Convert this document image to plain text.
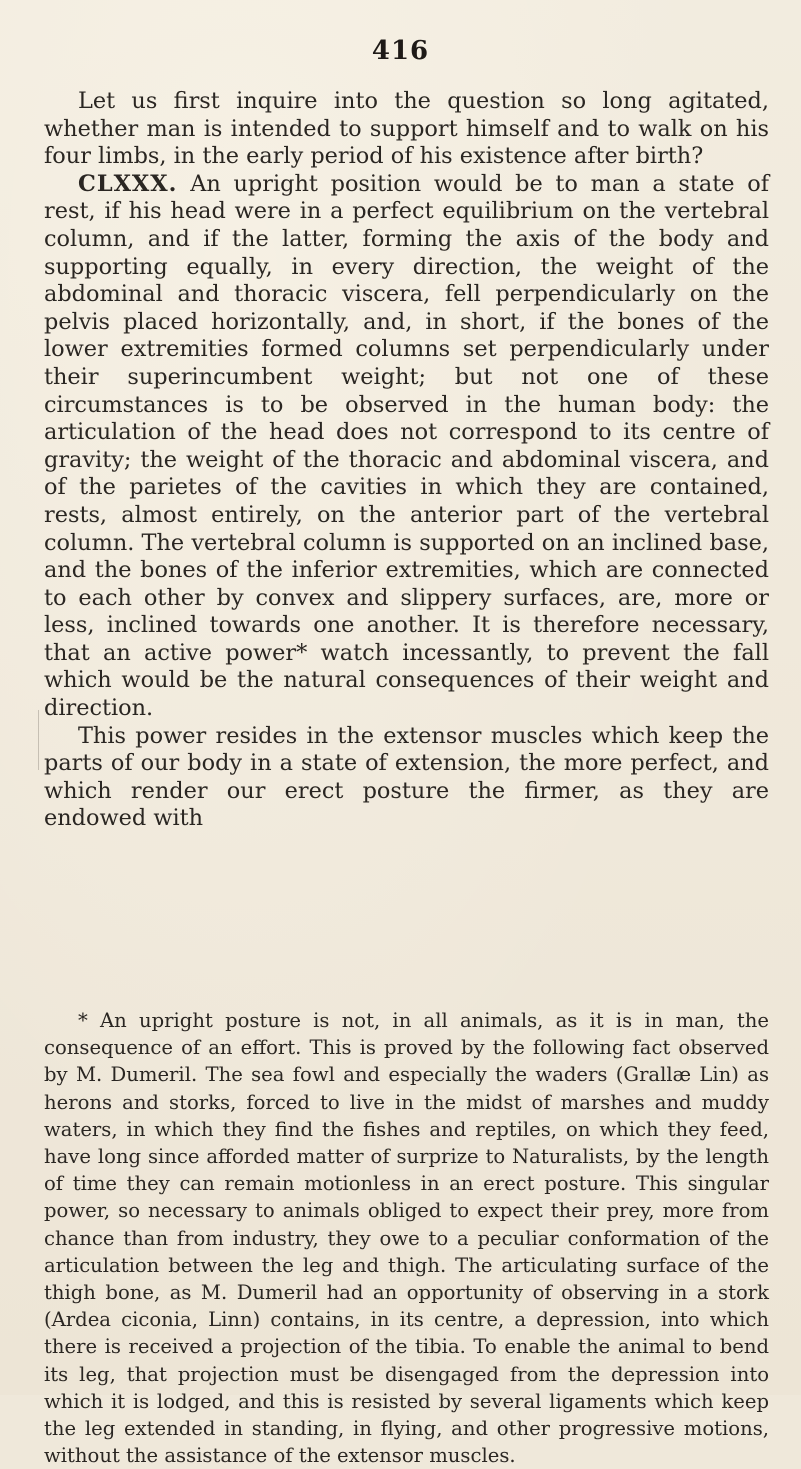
416

Let us first inquire into the question so long agitated, whether man is intended to support himself and to walk on his four limbs, in the early period of his existence after birth?

CLXXX. An upright position would be to man a state of rest, if his head were in a perfect equilibrium on the vertebral column, and if the latter, forming the axis of the body and supporting equally, in every direction, the weight of the abdominal and thoracic viscera, fell perpendicularly on the pelvis placed horizontally, and, in short, if the bones of the lower extremities formed columns set perpendicularly under their superincumbent weight; but not one of these circumstances is to be observed in the human body: the articulation of the head does not correspond to its centre of gravity; the weight of the thoracic and abdominal viscera, and of the parietes of the cavities in which they are contained, rests, almost entirely, on the anterior part of the vertebral column. The vertebral column is supported on an inclined base, and the bones of the inferior extremities, which are connected to each other by convex and slippery surfaces, are, more or less, inclined towards one another. It is therefore necessary, that an active power* watch incessantly, to prevent the fall which would be the natural consequences of their weight and direction.

This power resides in the extensor muscles which keep the parts of our body in a state of extension, the more perfect, and which render our erect posture the firmer, as they are endowed with

* An upright posture is not, in all animals, as it is in man, the consequence of an effort. This is proved by the following fact observed by M. Dumeril. The sea fowl and especially the waders (Grallæ Lin) as herons and storks, forced to live in the midst of marshes and muddy waters, in which they find the fishes and reptiles, on which they feed, have long since afforded matter of surprize to Naturalists, by the length of time they can remain motionless in an erect posture. This singular power, so necessary to animals obliged to expect their prey, more from chance than from industry, they owe to a peculiar conformation of the articulation between the leg and thigh. The articulating surface of the thigh bone, as M. Dumeril had an opportunity of observing in a stork (Ardea ciconia, Linn) contains, in its centre, a depression, into which there is received a projection of the tibia. To enable the animal to bend its leg, that projection must be disengaged from the depression into which it is lodged, and this is resisted by several ligaments which keep the leg extended in standing, in flying, and other progressive motions, without the assistance of the extensor muscles.
